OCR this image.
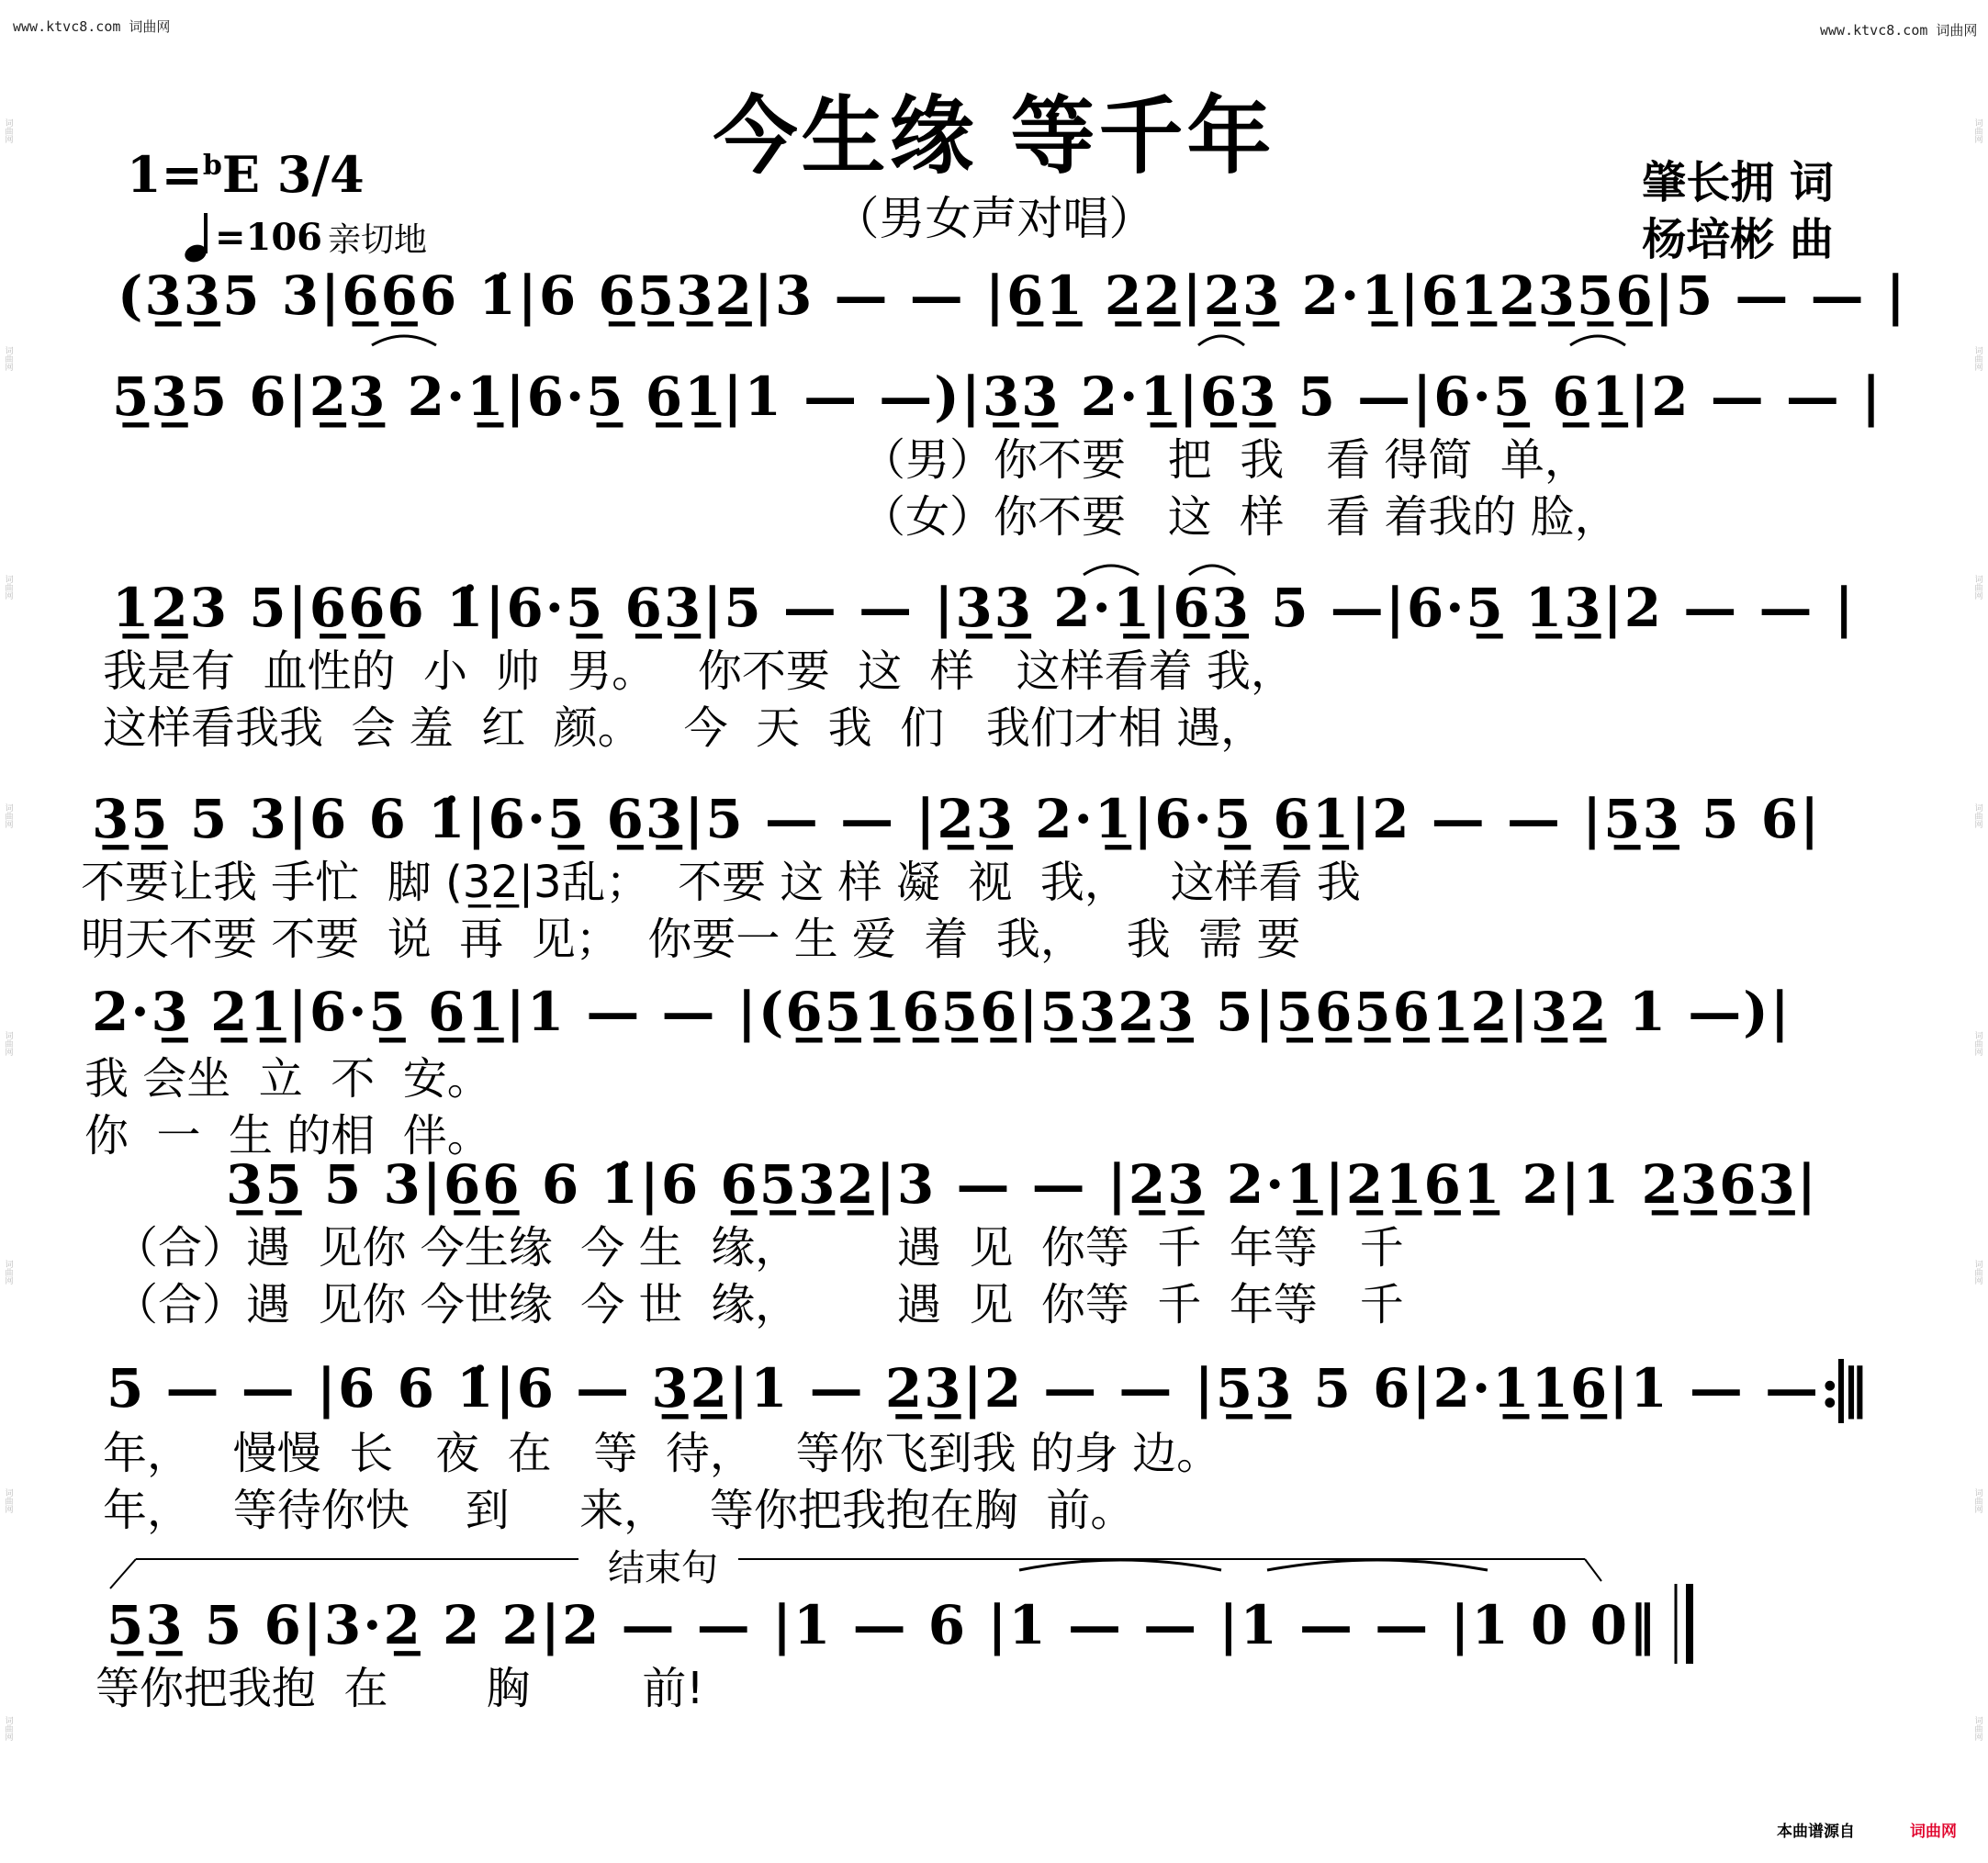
www.ktvc8.com 词曲网	www.ktvc8.com 词曲网
词曲网
词曲网
词曲网
词曲网
词曲网
词曲网
词曲网
词曲网
词曲网
词曲网
词曲网
词曲网
词曲网
词曲网
词曲网
词曲网
今生缘 等千年
（男女声对唱）
1=$^b$E 3/4
=106 亲切地
肇长拥 词
杨培彬 曲
(3̲3̲5 3|6̲6̲6 1̇|6 6̲5̲3̲2̲|3 — — |6̲1̲ 2̲2̲|2̲3̲ 2·1̲|6̲1̲2̲3̲5̲6̲|5 — — |
5̲3̲5 6|2̲3̲ 2·1̲|6·5̲ 6̲1̲|1 — —)|3̲3̲ 2·1̲|6̲3̲ 5 —|6·5̲ 6̲1̲|2 — — |
（男）你不要   把  我   看 得简  单，
（女）你不要   这  样   看 着我的 脸，
1̲2̲3 5|6̲6̲6 1̇|6·5̲ 6̲3̲|5 — — |3̲3̲ 2·1̲|6̲3̲ 5 —|6·5̲ 1̲3̲|2 — — |
我是有  血性的  小  帅  男。   你不要  这  样   这样看着 我，
这样看我我  会 羞  红  颜。   今  天  我  们   我们才相 遇，
3̲5̲ 5 3|6 6 1̇|6·5̲ 6̲3̲|5 — — |2̲3̲ 2·1̲|6·5̲ 6̲1̲|2 — — |5̲3̲ 5 6|
不要让我 手忙  脚 (3̲2̲|3乱；  不要 这 样 凝  视  我，   这样看 我
明天不要 不要  说  再  见；  你要一 生 爱  着  我，   我  需 要
2·3̲ 2̲1̲|6·5̲ 6̲1̲|1 — — |(6̲5̲1̲6̲5̲6̲|5̲3̲2̲3̲ 5|5̲6̲5̲6̲1̲2̲|3̲2̲ 1 —)|
我 会坐  立  不  安。
你  一  生 的相  伴。
3̲5̲ 5 3|6̲6̲ 6 1̇|6 6̲5̲3̲2̲|3 — — |2̲3̲ 2·1̲|2̲1̲6̲1̲ 2|1 2̲3̲6̲3̲|
（合）遇  见你 今生缘  今 生  缘，       遇  见  你等  千  年等   千
（合）遇  见你 今世缘  今 世  缘，       遇  见  你等  千  年等   千
5 — — |6 6 1̇|6 — 3̲2̲|1 — 2̲3̲|2 — — |5̲3̲ 5 6|2·1̲1̲6̲|1 — —:‖
年，   慢慢  长   夜  在   等  待，   等你飞到我 的身 边。
年，   等待你快    到     来，   等你把我抱在胸  前。
结束句
5̲3̲ 5 6|3·2̲ 2 2|2 — — |1 — 6 |1 — — |1 — — |1 0 0‖
等你把我抱  在       胸        前!
本曲谱源自	词曲网
